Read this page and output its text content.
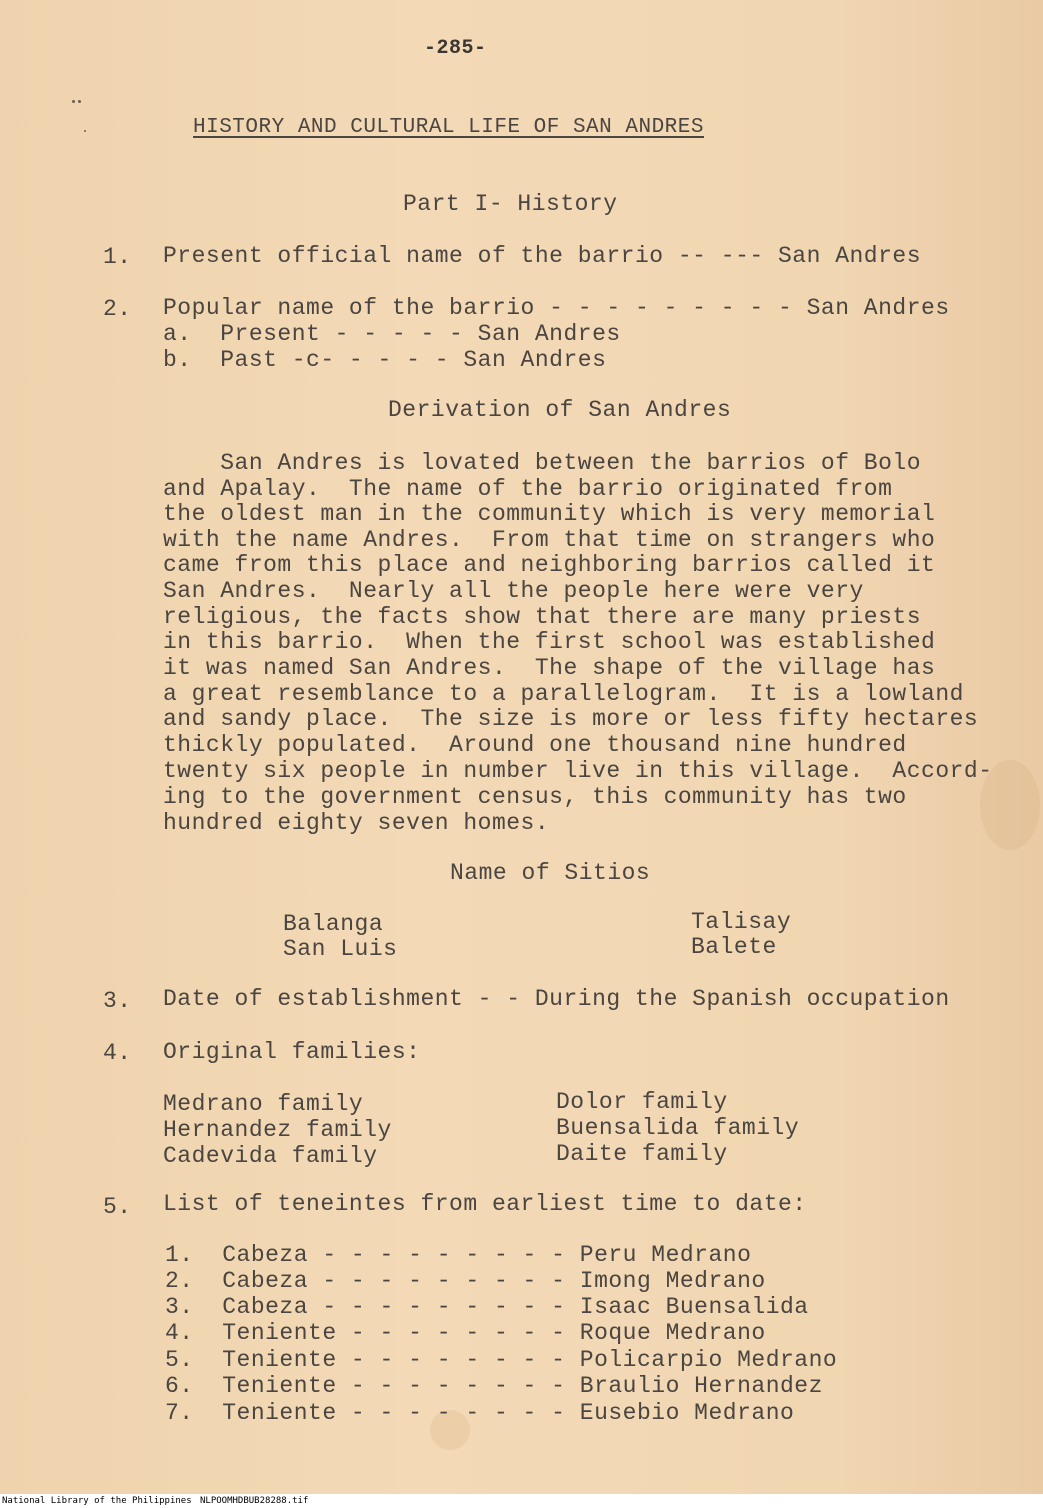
-285-
HISTORY AND CULTURAL LIFE OF SAN ANDRES
Part I- History
1. Present official name of the barrio -- --- San Andres
2. Popular name of the barrio - - - - - - - - - San Andres
a.  Present - - - - - San Andres
b.  Past -c- - - - - San Andres
Derivation of San Andres
San Andres is lovated between the barrios of Bolo
and Apalay.  The name of the barrio originated from
the oldest man in the community which is very memorial
with the name Andres.  From that time on strangers who
came from this place and neighboring barrios called it
San Andres.  Nearly all the people here were very
religious, the facts show that there are many priests
in this barrio.  When the first school was established
it was named San Andres.  The shape of the village has
a great resemblance to a parallelogram.  It is a lowland
and sandy place.  The size is more or less fifty hectares
thickly populated.  Around one thousand nine hundred
twenty six people in number live in this village.  Accord-
ing to the government census, this community has two
hundred eighty seven homes.
Name of Sitios
Balanga
San Luis
Talisay
Balete
3. Date of establishment - - During the Spanish occupation
4. Original families:
Medrano family
Hernandez family
Cadevida family
Dolor family
Buensalida family
Daite family
5. List of teneintes from earliest time to date:
1.  Cabeza - - - - - - - - - Peru Medrano
2.  Cabeza - - - - - - - - - Imong Medrano
3.  Cabeza - - - - - - - - - Isaac Buensalida
4.  Teniente - - - - - - - - Roque Medrano
5.  Teniente - - - - - - - - Policarpio Medrano
6.  Teniente - - - - - - - - Braulio Hernandez
7.  Teniente - - - - - - - - Eusebio Medrano
National Library of the Philippines NLPOOMHDBUB28288.tif
